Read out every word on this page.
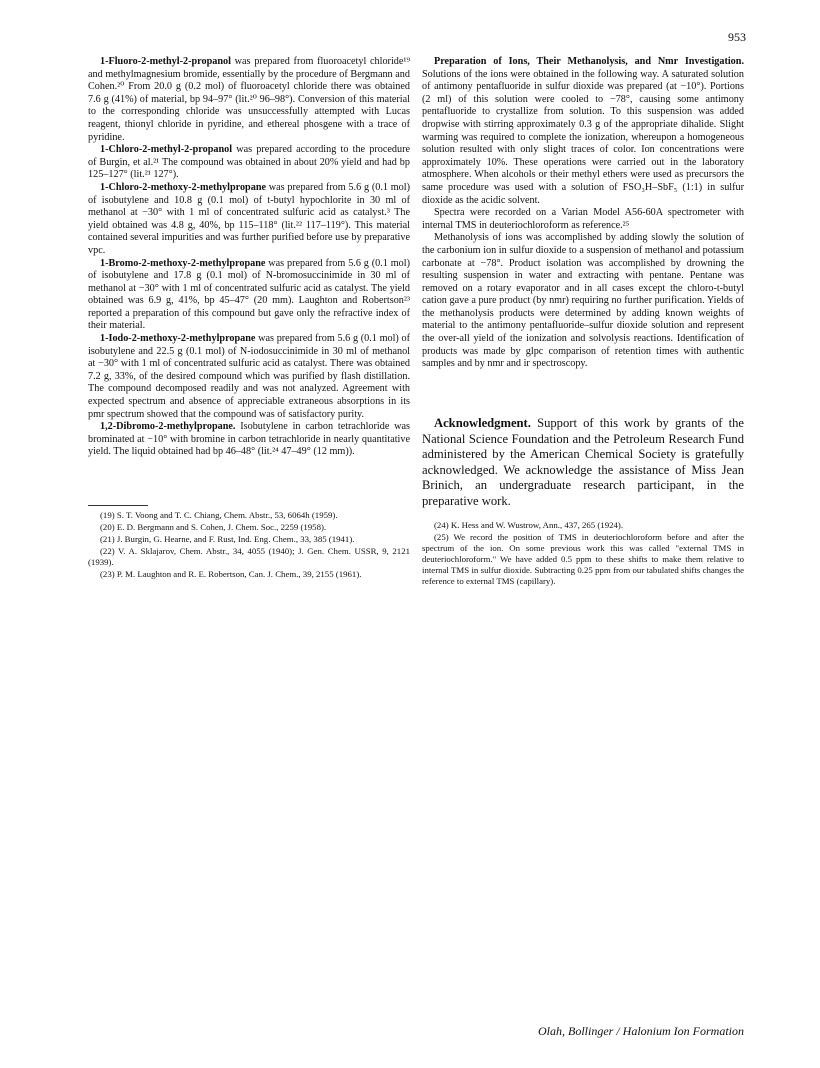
953

1-Fluoro-2-methyl-2-propanol was prepared from fluoroacetyl chloride¹⁹ and methylmagnesium bromide, essentially by the procedure of Bergmann and Cohen.²⁰ From 20.0 g (0.2 mol) of fluoroacetyl chloride there was obtained 7.6 g (41%) of material, bp 94–97° (lit.²⁰ 96–98°). Conversion of this material to the corresponding chloride was unsuccessfully attempted with Lucas reagent, thionyl chloride in pyridine, and ethereal phosgene with a trace of pyridine.

1-Chloro-2-methyl-2-propanol was prepared according to the procedure of Burgin, et al.²¹ The compound was obtained in about 20% yield and had bp 125–127° (lit.²¹ 127°).

1-Chloro-2-methoxy-2-methylpropane was prepared from 5.6 g (0.1 mol) of isobutylene and 10.8 g (0.1 mol) of t-butyl hypochlorite in 30 ml of methanol at −30° with 1 ml of concentrated sulfuric acid as catalyst.³ The yield obtained was 4.8 g, 40%, bp 115–118° (lit.²² 117–119°). This material contained several impurities and was further purified before use by preparative vpc.

1-Bromo-2-methoxy-2-methylpropane was prepared from 5.6 g (0.1 mol) of isobutylene and 17.8 g (0.1 mol) of N-bromosuccinimide in 30 ml of methanol at −30° with 1 ml of concentrated sulfuric acid as catalyst. The yield obtained was 6.9 g, 41%, bp 45–47° (20 mm). Laughton and Robertson²³ reported a preparation of this compound but gave only the refractive index of their material.

1-Iodo-2-methoxy-2-methylpropane was prepared from 5.6 g (0.1 mol) of isobutylene and 22.5 g (0.1 mol) of N-iodosuccinimide in 30 ml of methanol at −30° with 1 ml of concentrated sulfuric acid as catalyst. There was obtained 7.2 g, 33%, of the desired compound which was purified by flash distillation. The compound decomposed readily and was not analyzed. Agreement with expected spectrum and absence of appreciable extraneous absorptions in its pmr spectrum showed that the compound was of satisfactory purity.

1,2-Dibromo-2-methylpropane. Isobutylene in carbon tetrachloride was brominated at −10° with bromine in carbon tetrachloride in nearly quantitative yield. The liquid obtained had bp 46–48° (lit.²⁴ 47–49° (12 mm)).

Preparation of Ions, Their Methanolysis, and Nmr Investigation. Solutions of the ions were obtained in the following way. A saturated solution of antimony pentafluoride in sulfur dioxide was prepared (at −10°). Portions (2 ml) of this solution were cooled to −78°, causing some antimony pentafluoride to crystallize from solution. To this suspension was added dropwise with stirring approximately 0.3 g of the appropriate dihalide. Slight warming was required to complete the ionization, whereupon a homogeneous solution resulted with only slight traces of color. Ion concentrations were approximately 10%. These operations were carried out in the laboratory atmosphere. When alcohols or their methyl ethers were used as precursors the same procedure was used with a solution of FSO₃H–SbF₅ (1:1) in sulfur dioxide as the acidic solvent.

Spectra were recorded on a Varian Model A56-60A spectrometer with internal TMS in deuteriochloroform as reference.²⁵

Methanolysis of ions was accomplished by adding slowly the solution of the carbonium ion in sulfur dioxide to a suspension of methanol and potassium carbonate at −78°. Product isolation was accomplished by drowning the resulting suspension in water and extracting with pentane. Pentane was removed on a rotary evaporator and in all cases except the chloro-t-butyl cation gave a pure product (by nmr) requiring no further purification. Yields of the methanolysis products were determined by adding known weights of material to the antimony pentafluoride–sulfur dioxide solution and represent the over-all yield of the ionization and solvolysis reactions. Identification of products was made by glpc comparison of retention times with authentic samples and by nmr and ir spectroscopy.

Acknowledgment. Support of this work by grants of the National Science Foundation and the Petroleum Research Fund administered by the American Chemical Society is gratefully acknowledged. We acknowledge the assistance of Miss Jean Brinich, an undergraduate research participant, in the preparative work.

(19) S. T. Voong and T. C. Chiang, Chem. Abstr., 53, 6064h (1959).

(20) E. D. Bergmann and S. Cohen, J. Chem. Soc., 2259 (1958).

(21) J. Burgin, G. Hearne, and F. Rust, Ind. Eng. Chem., 33, 385 (1941).

(22) V. A. Sklajarov, Chem. Abstr., 34, 4055 (1940); J. Gen. Chem. USSR, 9, 2121 (1939).

(23) P. M. Laughton and R. E. Robertson, Can. J. Chem., 39, 2155 (1961).

(24) K. Hess and W. Wustrow, Ann., 437, 265 (1924).

(25) We record the position of TMS in deuteriochloroform before and after the spectrum of the ion. On some previous work this was called "external TMS in deuteriochloroform." We have added 0.5 ppm to these shifts to make them relative to internal TMS in sulfur dioxide. Subtracting 0.25 ppm from our tabulated shifts changes the reference to external TMS (capillary).

Olah, Bollinger / Halonium Ion Formation
